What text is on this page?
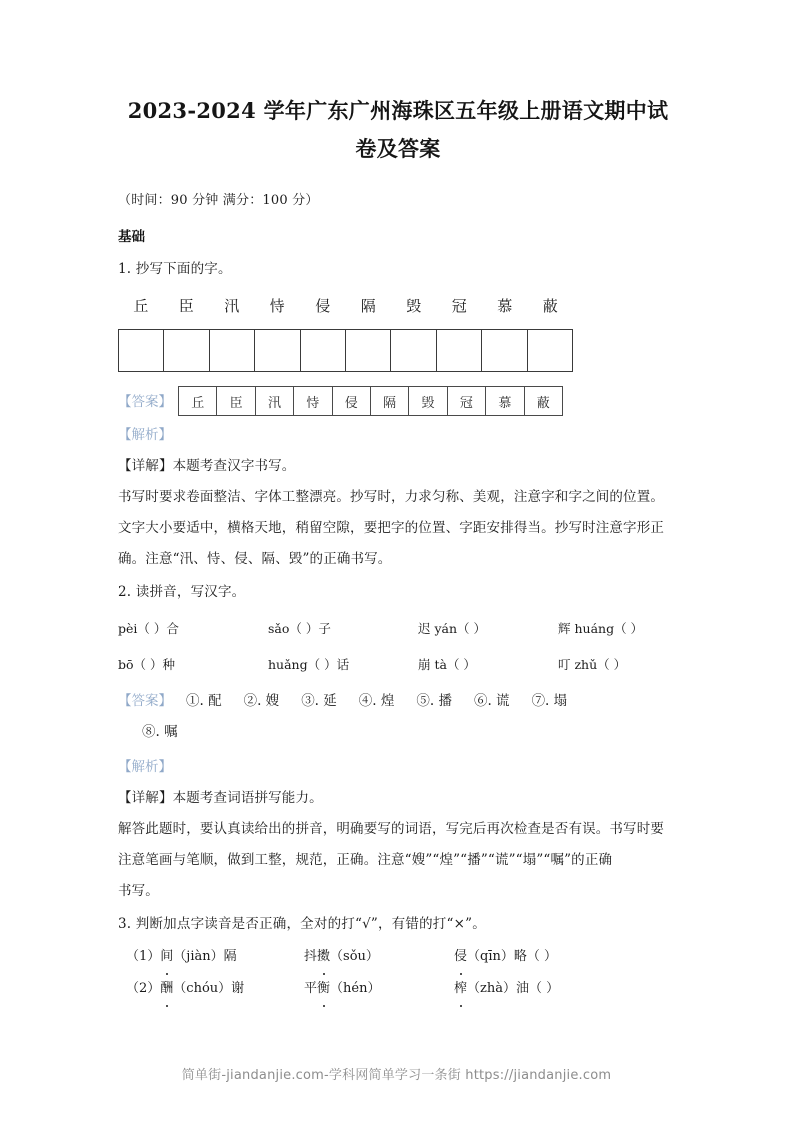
2023-2024 学年广东广州海珠区五年级上册语文期中试卷及答案
（时间：90 分钟 满分：100 分）
基础
1. 抄写下面的字。
丘	臣	汛	恃	侵	隔	毁	冠	慕	蔽

【答案】 丘	臣	汛	恃	侵	隔	毁	冠	慕	蔽
【解析】
【详解】本题考查汉字书写。
书写时要求卷面整洁、字体工整漂亮。抄写时，力求匀称、美观，注意字和字之间的位置。
文字大小要适中，横格天地，稍留空隙，要把字的位置、字距安排得当。抄写时注意字形正
确。注意“汛、恃、侵、隔、毁”的正确书写。
2. 读拼音，写汉字。
pèi（ ）合	sǎo（ ）子	迟 yán（ ）	辉 huáng（ ）
bō（ ）种	huǎng（ ）话	崩 tà（ ）	叮 zhǔ（ ）
【答案】 ①. 配 ②. 嫂 ③. 延 ④. 煌 ⑤. 播 ⑥. 谎 ⑦. 塌
⑧. 嘱
【解析】
【详解】本题考查词语拼写能力。
解答此题时，要认真读给出的拼音，明确要写的词语，写完后再次检查是否有误。书写时要
注意笔画与笔顺，做到工整，规范，正确。注意“嫂”“煌”“播”“谎”“塌”“嘱”的正确
书写。
3. 判断加点字读音是否正确，全对的打“√”，有错的打“×”。
（1）间（jiàn）隔	抖擞（sǒu）	侵（qīn）略（ ）
（2）酬（chóu）谢	平衡（hén）	榨（zhà）油（ ）
简单街-jiandanjie.com-学科网简单学习一条街 https://jiandanjie.com
